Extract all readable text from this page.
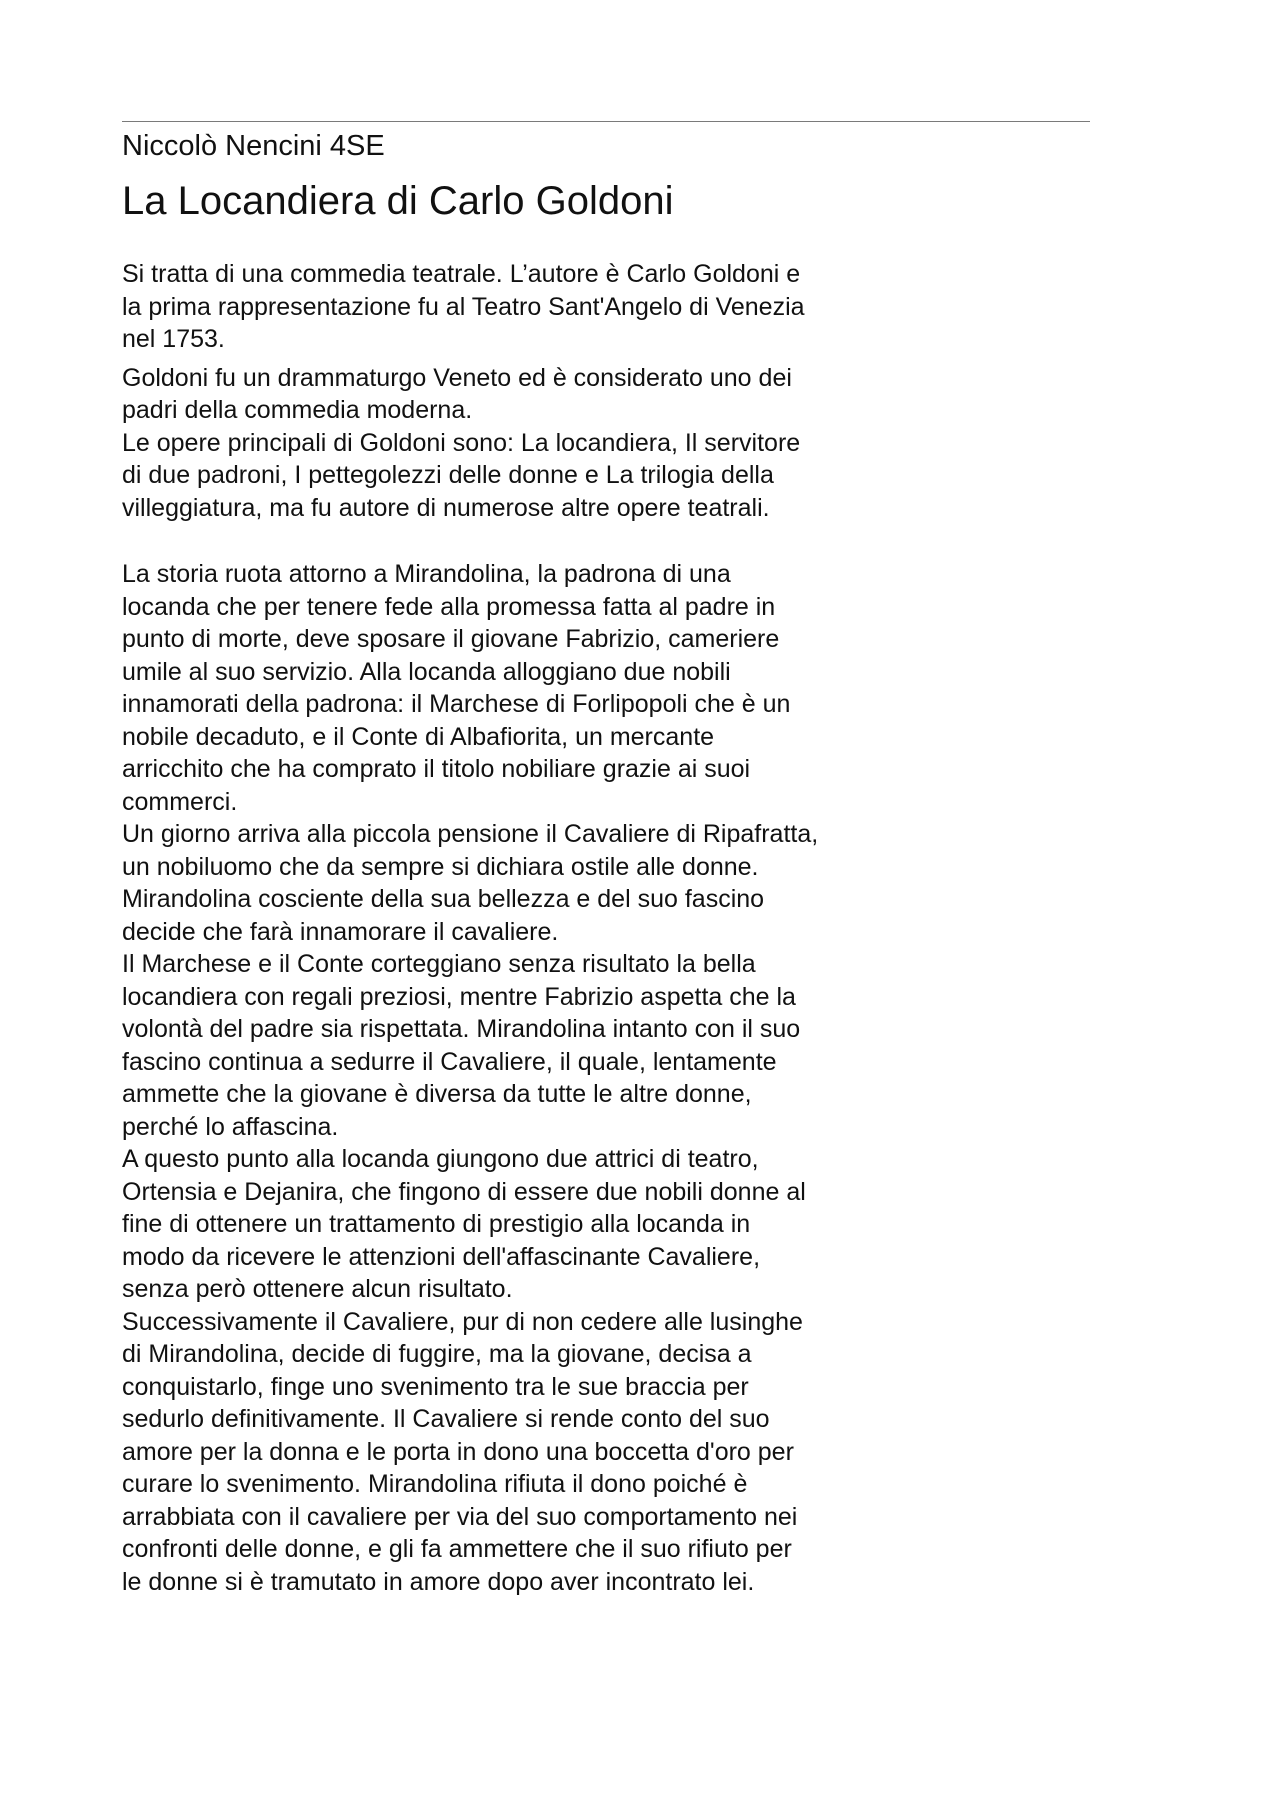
Niccolò Nencini 4SE
La Locandiera di Carlo Goldoni

Si tratta di una commedia teatrale. L’autore è Carlo Goldoni e
la prima rappresentazione fu al Teatro Sant'Angelo di Venezia
nel 1753.

Goldoni fu un drammaturgo Veneto ed è considerato uno dei
padri della commedia moderna.

Le opere principali di Goldoni sono: La locandiera, Il servitore
di due padroni, I pettegolezzi delle donne e La trilogia della
villeggiatura, ma fu autore di numerose altre opere teatrali.

La storia ruota attorno a Mirandolina, la padrona di una
locanda che per tenere fede alla promessa fatta al padre in
punto di morte, deve sposare il giovane Fabrizio, cameriere
umile al suo servizio. Alla locanda alloggiano due nobili
innamorati della padrona: il Marchese di Forlipopoli che è un
nobile decaduto, e il Conte di Albafiorita, un mercante
arricchito che ha comprato il titolo nobiliare grazie ai suoi
commerci.

Un giorno arriva alla piccola pensione il Cavaliere di Ripafratta,
un nobiluomo che da sempre si dichiara ostile alle donne.
Mirandolina cosciente della sua bellezza e del suo fascino
decide che farà innamorare il cavaliere.

Il Marchese e il Conte corteggiano senza risultato la bella
locandiera con regali preziosi, mentre Fabrizio aspetta che la
volontà del padre sia rispettata. Mirandolina intanto con il suo
fascino continua a sedurre il Cavaliere, il quale, lentamente
ammette che la giovane è diversa da tutte le altre donne,
perché lo affascina.

A questo punto alla locanda giungono due attrici di teatro,
Ortensia e Dejanira, che fingono di essere due nobili donne al
fine di ottenere un trattamento di prestigio alla locanda in
modo da ricevere le attenzioni dell'affascinante Cavaliere,
senza però ottenere alcun risultato.

Successivamente il Cavaliere, pur di non cedere alle lusinghe
di Mirandolina, decide di fuggire, ma la giovane, decisa a
conquistarlo, finge uno svenimento tra le sue braccia per
sedurlo definitivamente. Il Cavaliere si rende conto del suo
amore per la donna e le porta in dono una boccetta d'oro per
curare lo svenimento. Mirandolina rifiuta il dono poiché è
arrabbiata con il cavaliere per via del suo comportamento nei
confronti delle donne, e gli fa ammettere che il suo rifiuto per
le donne si è tramutato in amore dopo aver incontrato lei.
